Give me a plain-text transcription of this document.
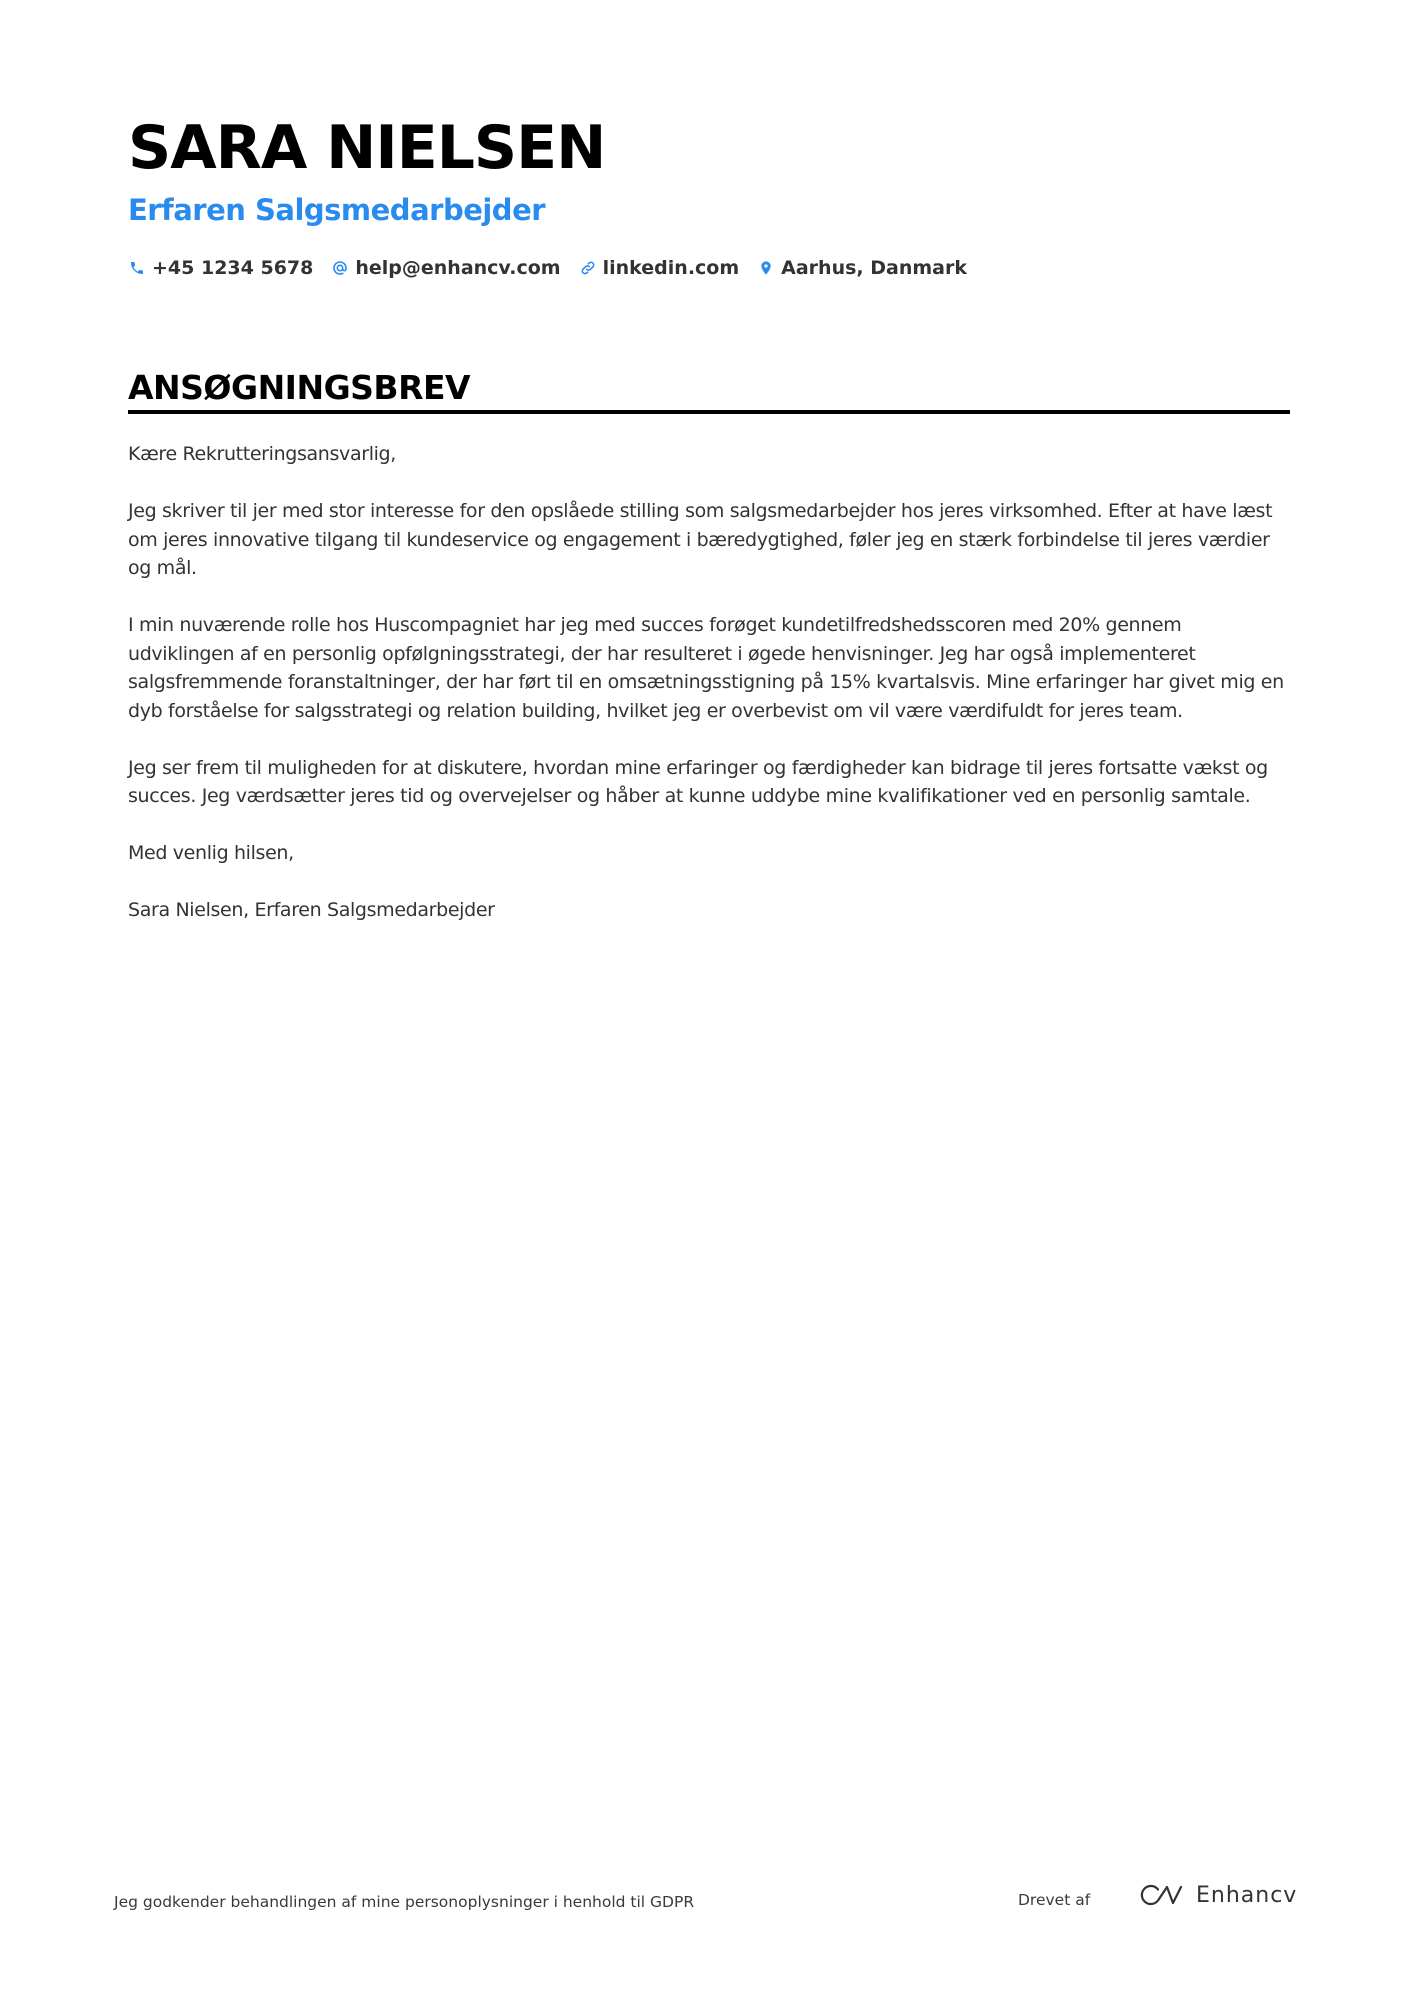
SARA NIELSEN
Erfaren Salgsmedarbejder
+45 1234 5678 help@enhancv.com linkedin.com Aarhus, Danmark
ANSØGNINGSBREV

Kære Rekrutteringsansvarlig,

Jeg skriver til jer med stor interesse for den opslåede stilling som salgsmedarbejder hos jeres virksomhed. Efter at have læst om jeres innovative tilgang til kundeservice og engagement i bæredygtighed, føler jeg en stærk forbindelse til jeres værdier og mål.

I min nuværende rolle hos Huscompagniet har jeg med succes forøget kundetilfredshedsscoren med 20% gennem udviklingen af en personlig opfølgningsstrategi, der har resulteret i øgede henvisninger. Jeg har også implementeret salgsfremmende foranstaltninger, der har ført til en omsætningsstigning på 15% kvartalsvis. Mine erfaringer har givet mig en dyb forståelse for salgsstrategi og relation building, hvilket jeg er overbevist om vil være værdifuldt for jeres team.

Jeg ser frem til muligheden for at diskutere, hvordan mine erfaringer og færdigheder kan bidrage til jeres fortsatte vækst og succes. Jeg værdsætter jeres tid og overvejelser og håber at kunne uddybe mine kvalifikationer ved en personlig samtale.

Med venlig hilsen,

Sara Nielsen, Erfaren Salgsmedarbejder

Jeg godkender behandlingen af mine personoplysninger i henhold til GDPR	Drevet af	Enhancv
